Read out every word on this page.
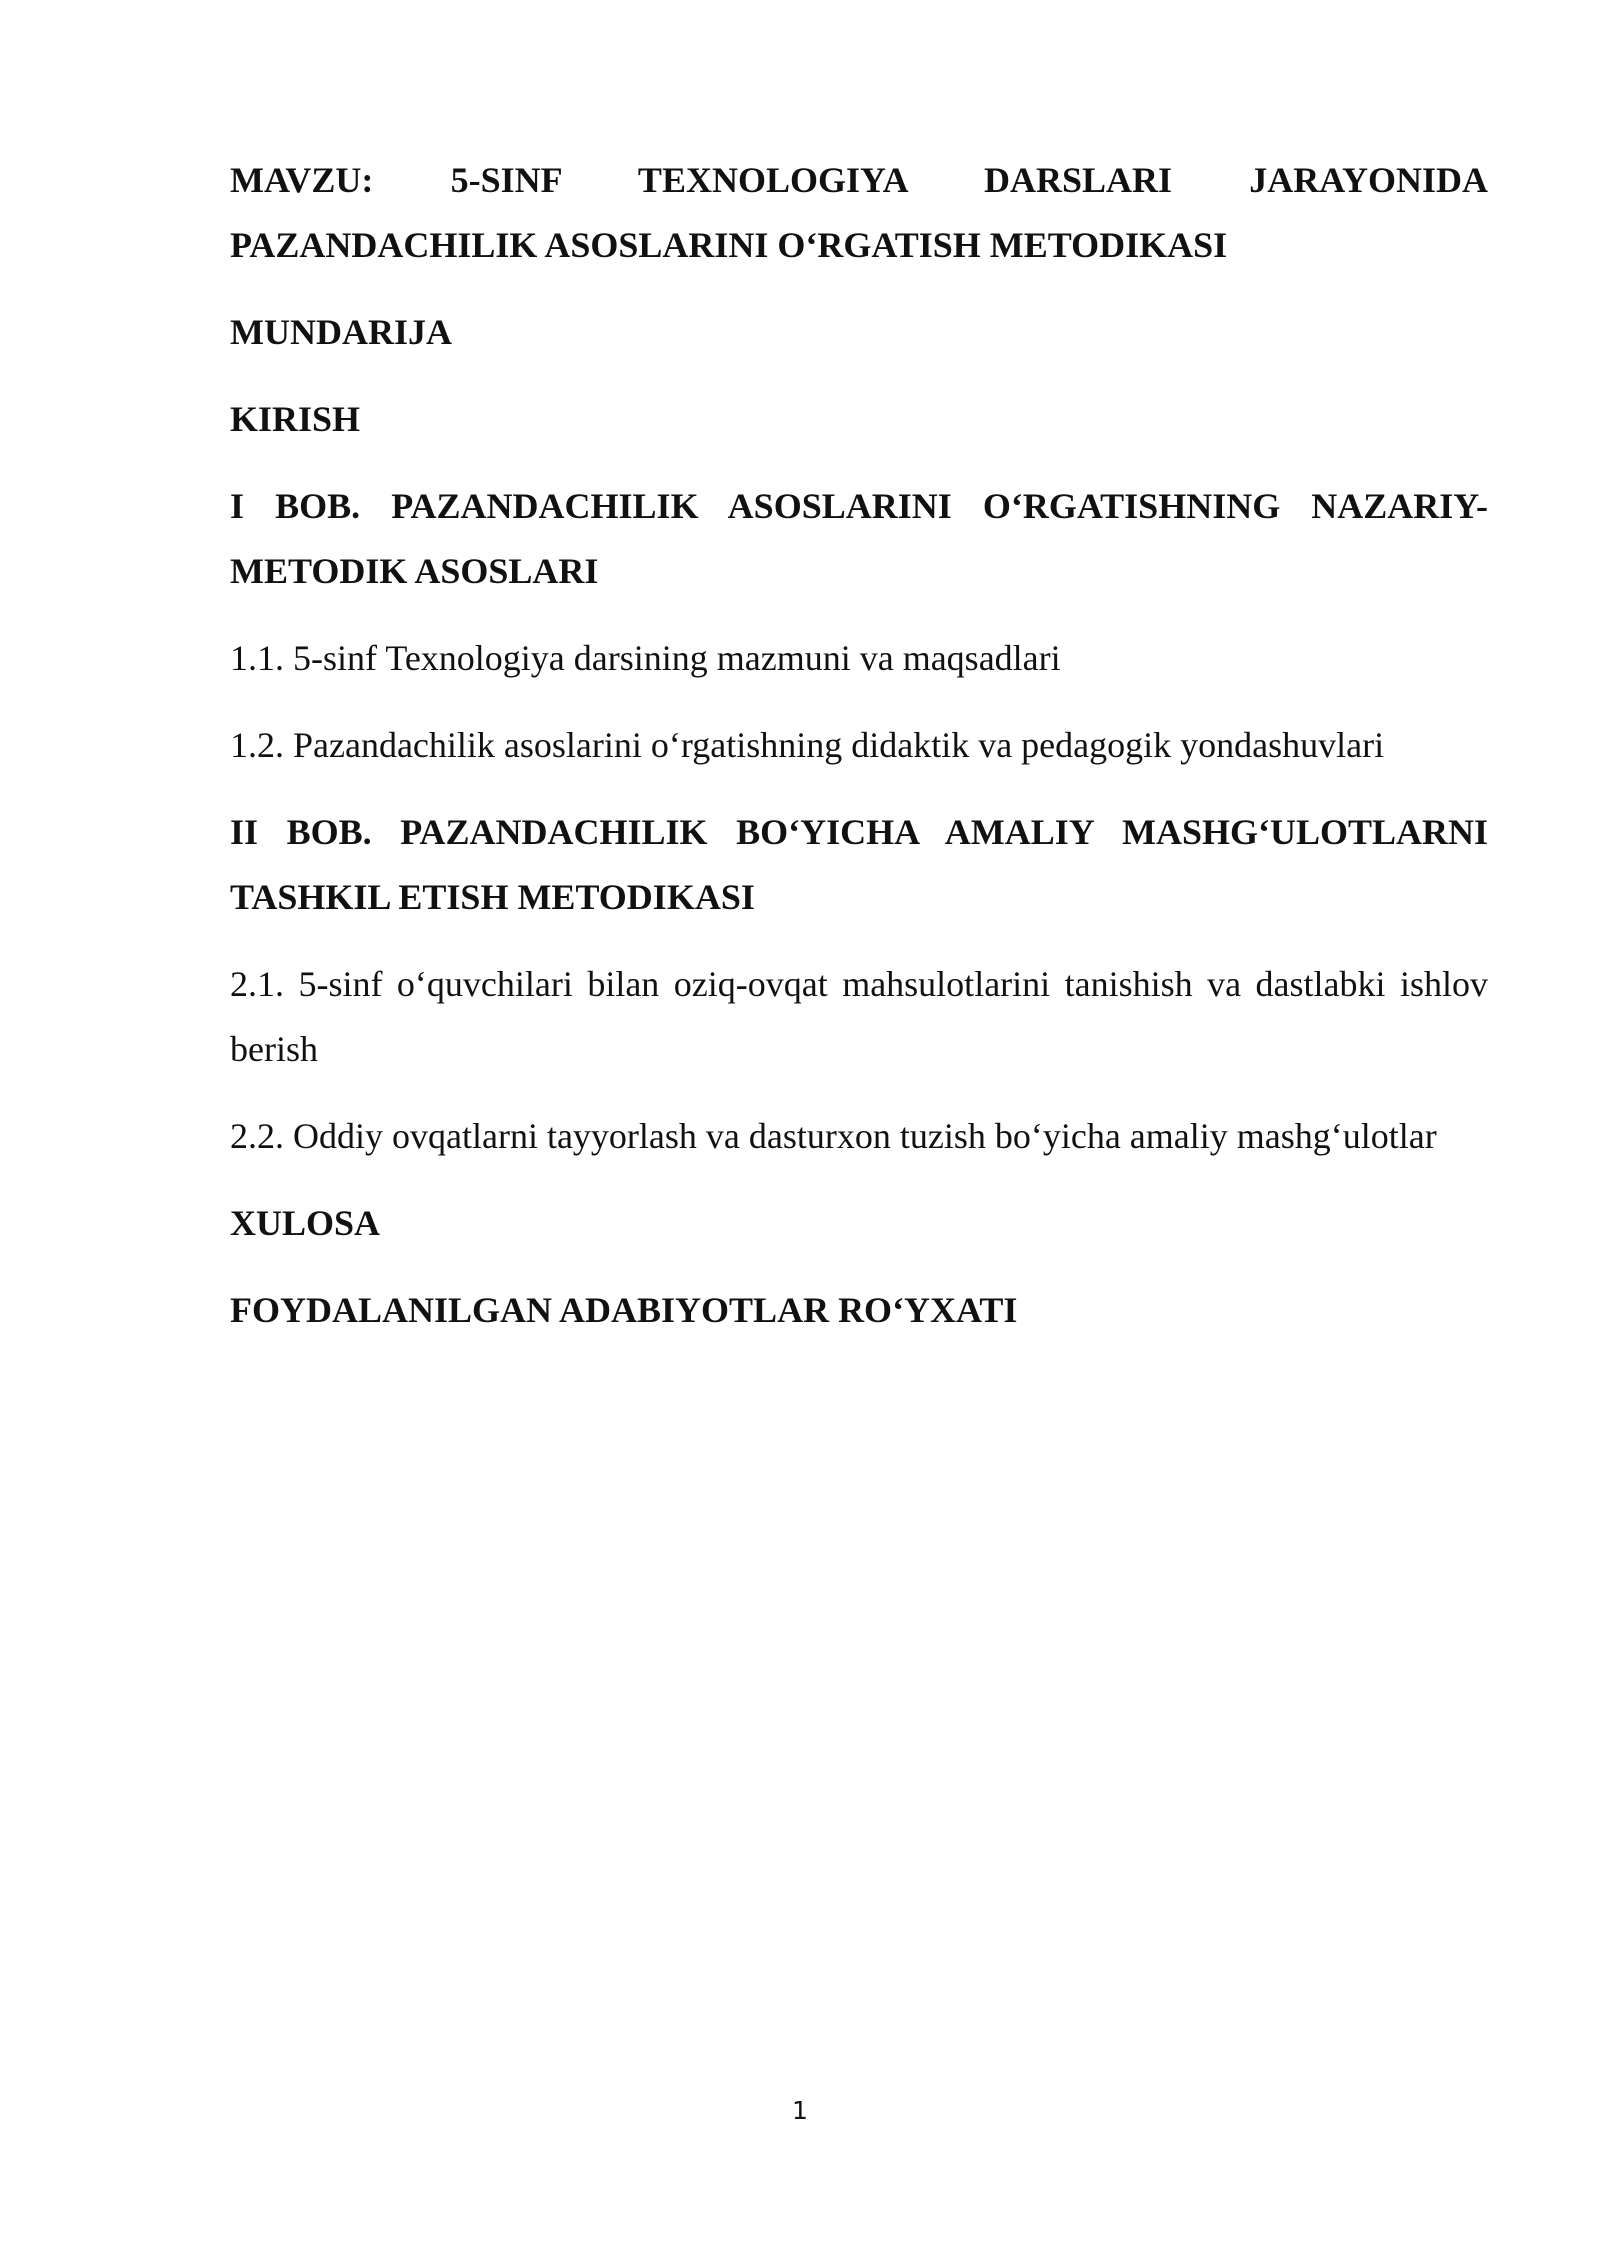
MAVZU: 5-SINF TEXNOLOGIYA DARSLARI JARAYONIDA
PAZANDACHILIK ASOSLARINI O‘RGATISH METODIKASI
MUNDARIJA
KIRISH
I BOB. PAZANDACHILIK ASOSLARINI O‘RGATISHNING NAZARIY-
METODIK ASOSLARI
1.1. 5-sinf Texnologiya darsining mazmuni va maqsadlari
1.2. Pazandachilik asoslarini o‘rgatishning didaktik va pedagogik yondashuvlari
II BOB. PAZANDACHILIK BO‘YICHA AMALIY MASHG‘ULOTLARNI
TASHKIL ETISH METODIKASI
2.1. 5-sinf o‘quvchilari bilan oziq-ovqat mahsulotlarini tanishish va dastlabki ishlov
berish
2.2. Oddiy ovqatlarni tayyorlash va dasturxon tuzish bo‘yicha amaliy mashg‘ulotlar
XULOSA
FOYDALANILGAN ADABIYOTLAR RO‘YXATI
1
